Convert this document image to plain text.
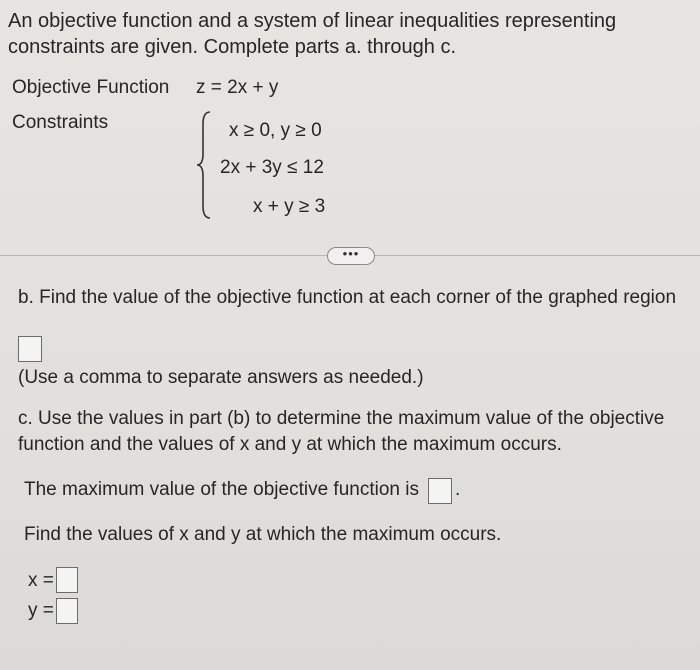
An objective function and a system of linear inequalities representing constraints are given. Complete parts a. through c.
Objective Function z = 2x + y
Constraints	x ≥ 0, y ≥ 0
2x + 3y ≤ 12
x + y ≥ 3
•••
b. Find the value of the objective function at each corner of the graphed region
(Use a comma to separate answers as needed.)
c. Use the values in part (b) to determine the maximum value of the objective function and the values of x and y at which the maximum occurs.
The maximum value of the objective function is .
Find the values of x and y at which the maximum occurs.
x =
y =
